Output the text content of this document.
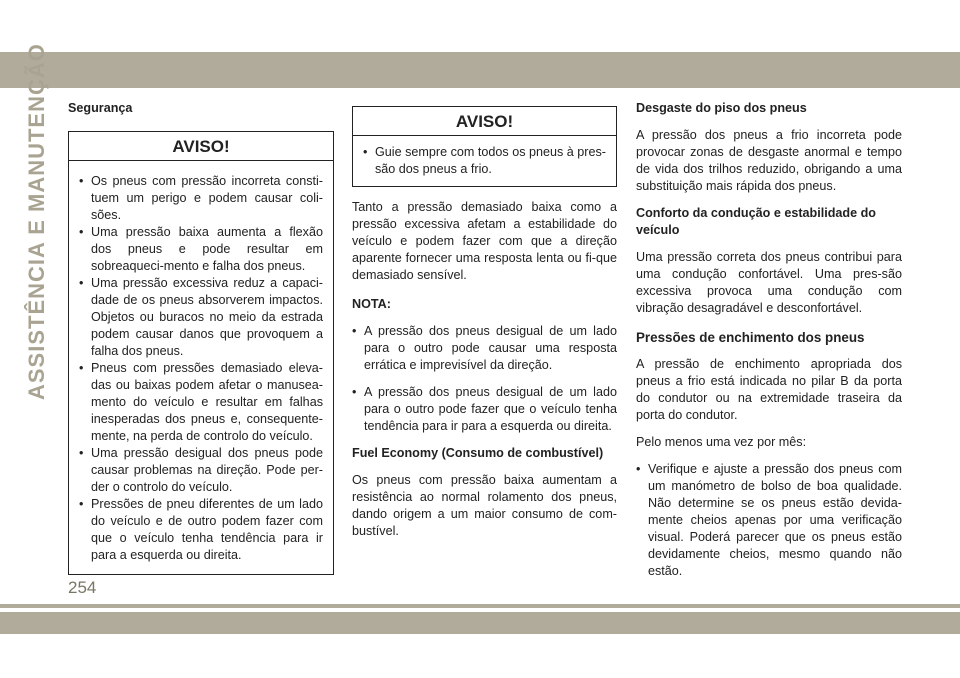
ASSISTÊNCIA E MANUTENÇÃO Segurança
AVISO!
• Os pneus com pressão incorreta consti-tuem um perigo e podem causar coli-sões.
• Uma pressão baixa aumenta a flexão dos pneus e pode resultar em sobreaqueci-mento e falha dos pneus.
• Uma pressão excessiva reduz a capaci-dade de os pneus absorverem impactos. Objetos ou buracos no meio da estrada podem causar danos que provoquem a falha dos pneus.
• Pneus com pressões demasiado eleva-das ou baixas podem afetar o manusea-mento do veículo e resultar em falhas inesperadas dos pneus e, consequente-mente, na perda de controlo do veículo.
• Uma pressão desigual dos pneus pode causar problemas na direção. Pode per-der o controlo do veículo.
• Pressões de pneu diferentes de um lado do veículo e de outro podem fazer com que o veículo tenha tendência para ir para a esquerda ou direita.
AVISO!
• Guie sempre com todos os pneus à pres-são dos pneus a frio.

Tanto a pressão demasiado baixa como a pressão excessiva afetam a estabilidade do veículo e podem fazer com que a direção aparente fornecer uma resposta lenta ou fi-que demasiado sensível.

NOTA:
• A pressão dos pneus desigual de um lado para o outro pode causar uma resposta errática e imprevisível da direção.
• A pressão dos pneus desigual de um lado para o outro pode fazer que o veículo tenha tendência para ir para a esquerda ou direita.
Fuel Economy (Consumo de combustível)

Os pneus com pressão baixa aumentam a resistência ao normal rolamento dos pneus, dando origem a um maior consumo de com-bustível.

Desgaste do piso dos pneus

A pressão dos pneus a frio incorreta pode provocar zonas de desgaste anormal e tempo de vida dos trilhos reduzido, obrigando a uma substituição mais rápida dos pneus.

Conforto da condução e estabilidade do veículo

Uma pressão correta dos pneus contribui para uma condução confortável. Uma pres-são excessiva provoca uma condução com vibração desagradável e desconfortável.

Pressões de enchimento dos pneus

A pressão de enchimento apropriada dos pneus a frio está indicada no pilar B da porta do condutor ou na extremidade traseira da porta do condutor.

Pelo menos uma vez por mês:

• Verifique e ajuste a pressão dos pneus com um manómetro de bolso de boa qualidade. Não determine se os pneus estão devida-mente cheios apenas por uma verificação visual. Poderá parecer que os pneus estão devidamente cheios, mesmo quando não estão.
254
